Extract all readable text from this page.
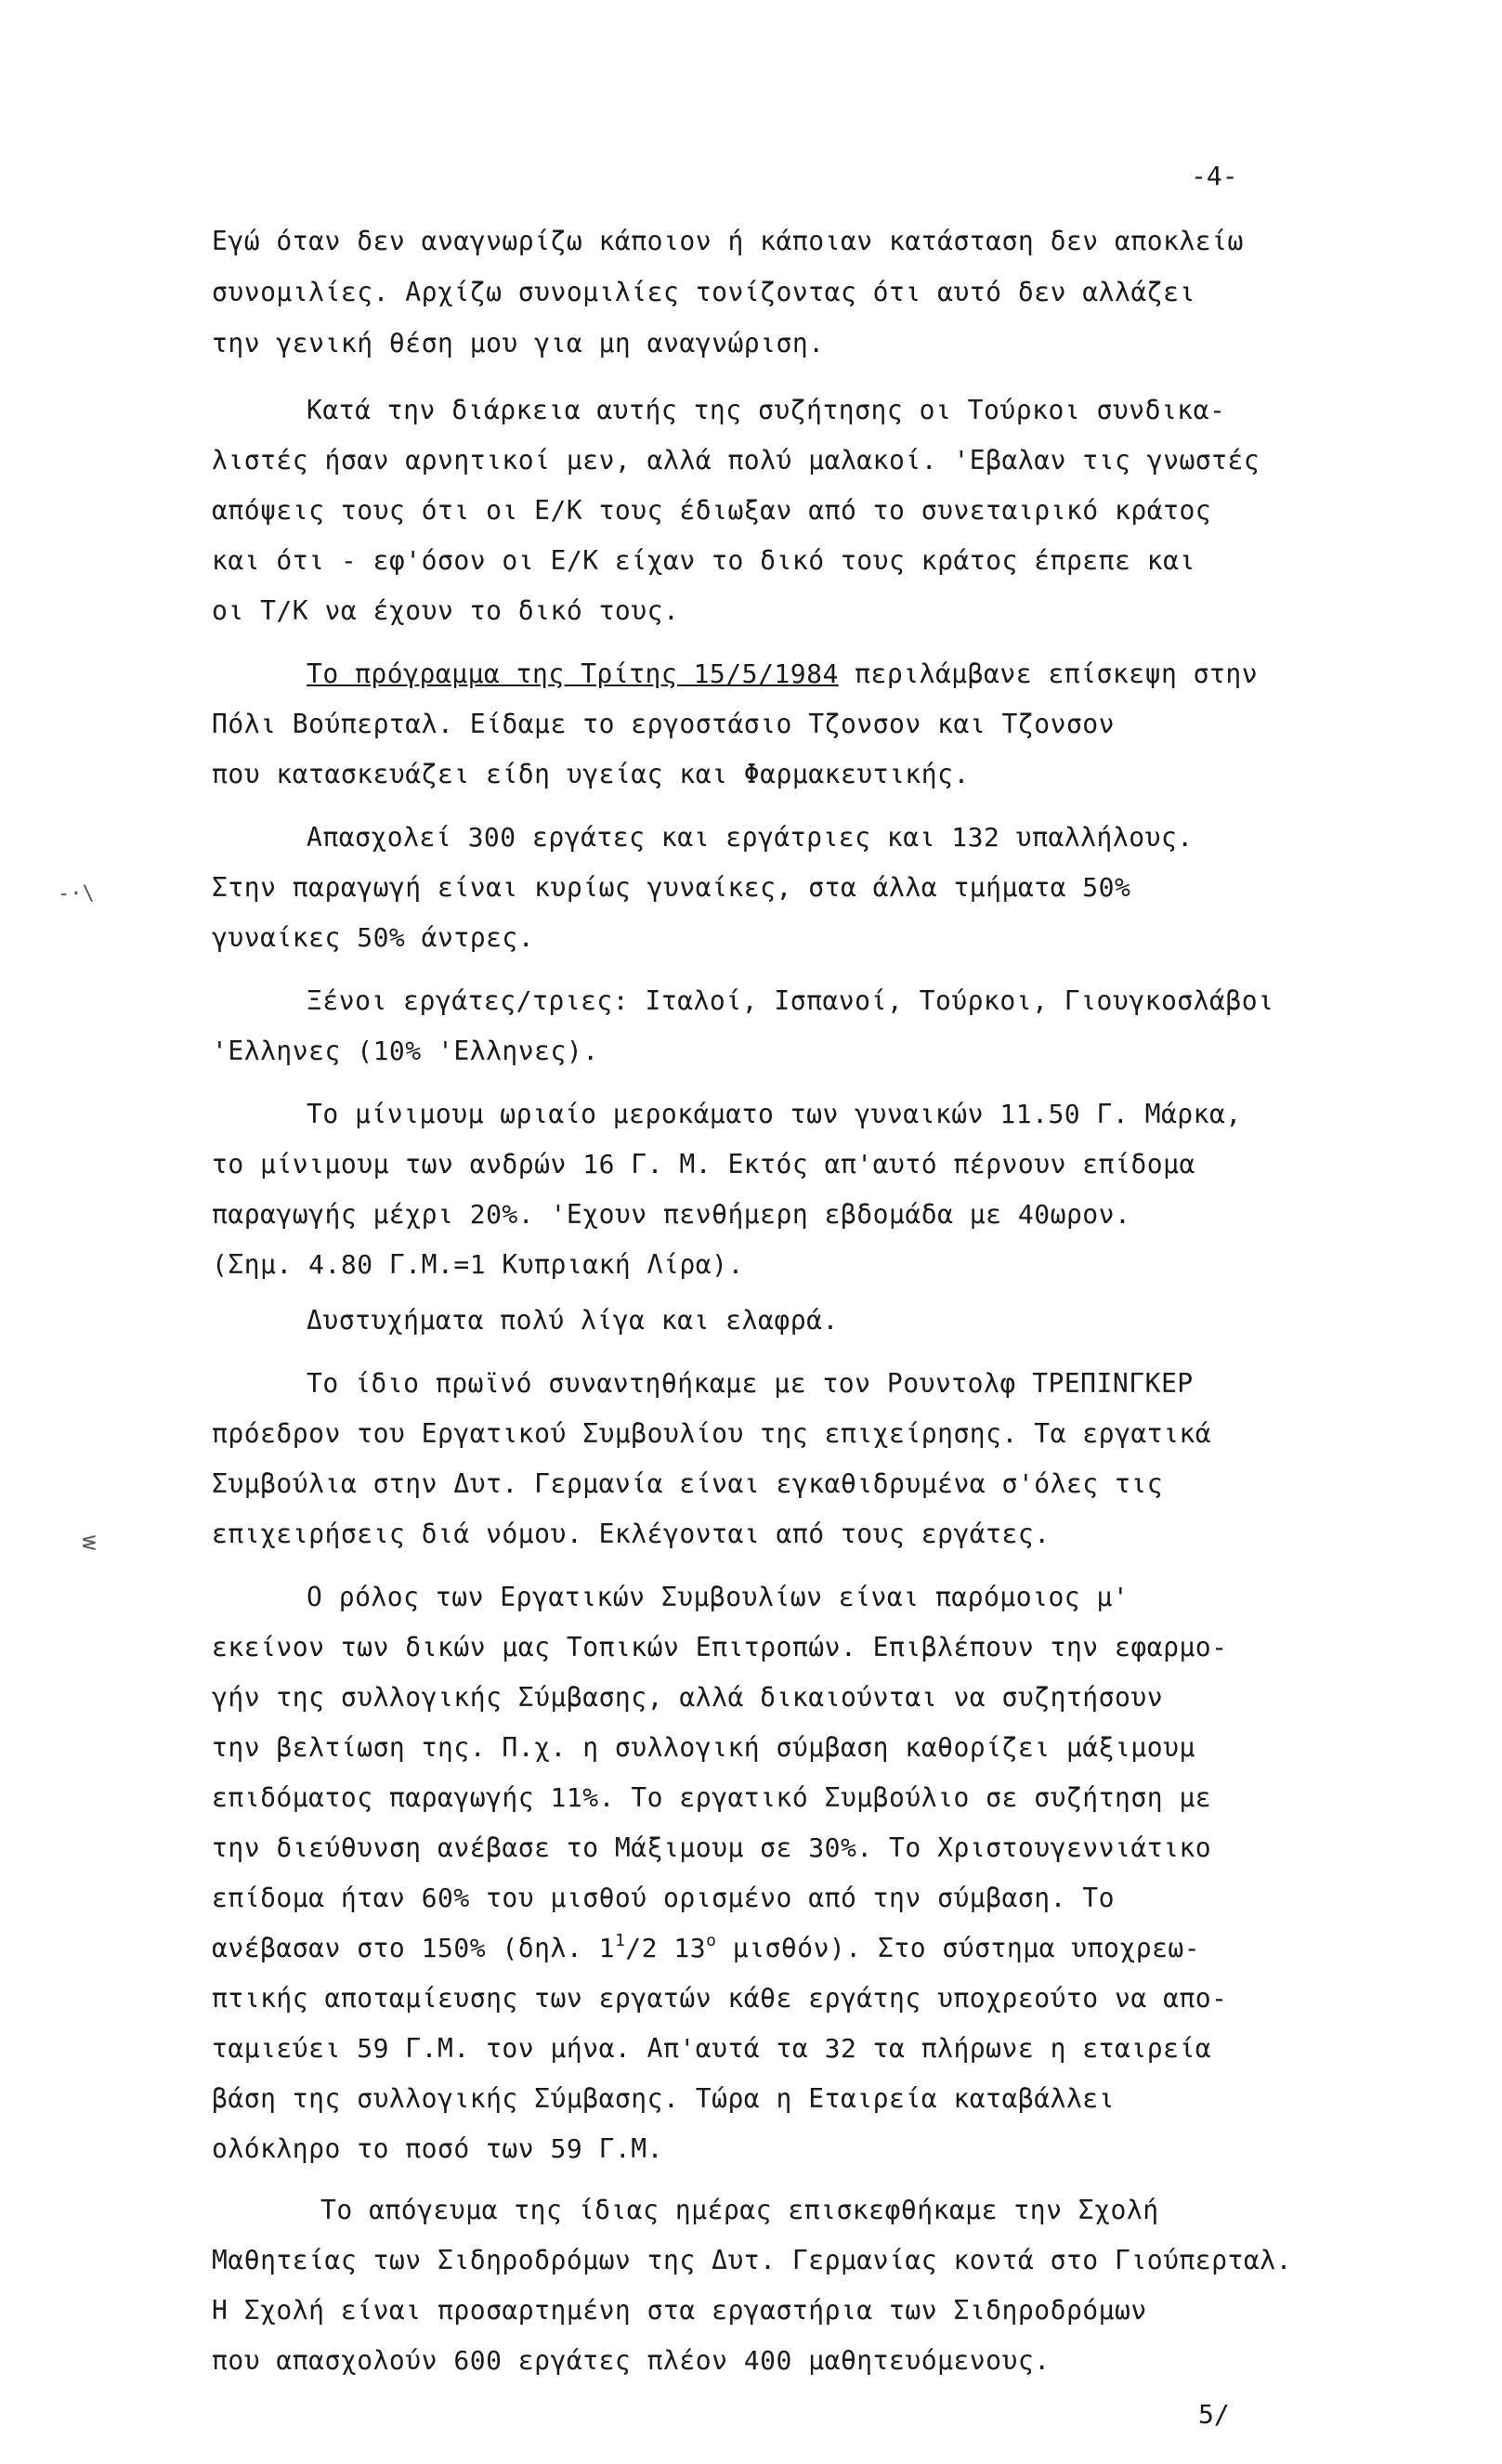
-4-
Εγώ όταν δεν αναγνωρίζω κάποιον ή κάποιαν κατάσταση δεν αποκλείω
συνομιλίες. Αρχίζω συνομιλίες τονίζοντας ότι αυτό δεν αλλάζει
την γενική θέση μου για μη αναγνώριση.
Κατά την διάρκεια αυτής της συζήτησης οι Τούρκοι συνδικα-
λιστές ήσαν αρνητικοί μεν, αλλά πολύ μαλακοί. 'Εβαλαν τις γνωστές
απόψεις τους ότι οι Ε/Κ τους έδιωξαν από το συνεταιρικό κράτος
και ότι - εφ'όσον οι Ε/Κ είχαν το δικό τους κράτος έπρεπε και
οι Τ/Κ να έχουν το δικό τους.
Το πρόγραμμα της Τρίτης 15/5/1984 περιλάμβανε επίσκεψη στην
Πόλι Βούπερταλ. Είδαμε το εργοστάσιο Τζονσον και Τζονσον
που κατασκευάζει είδη υγείας και Φαρμακευτικής.
Απασχολεί 300 εργάτες και εργάτριες και 132 υπαλλήλους.
Στην παραγωγή είναι κυρίως γυναίκες, στα άλλα τμήματα 50%
γυναίκες 50% άντρες.
Ξένοι εργάτες/τριες: Ιταλοί, Ισπανοί, Τούρκοι, Γιουγκοσλάβοι
'Ελληνες (10% 'Ελληνες).
Το μίνιμουμ ωριαίο μεροκάματο των γυναικών 11.50 Γ. Μάρκα,
το μίνιμουμ των ανδρών 16 Γ. Μ. Εκτός απ'αυτό πέρνουν επίδομα
παραγωγής μέχρι 20%. 'Εχουν πενθήμερη εβδομάδα με 40ωρον.
(Σημ. 4.80 Γ.Μ.=1 Κυπριακή Λίρα).
Δυστυχήματα πολύ λίγα και ελαφρά.
Το ίδιο πρωϊνό συναντηθήκαμε με τον Ρουντολφ ΤΡΕΠΙΝΓΚΕΡ
πρόεδρον του Εργατικού Συμβουλίου της επιχείρησης. Τα εργατικά
Συμβούλια στην Δυτ. Γερμανία είναι εγκαθιδρυμένα σ'όλες τις
επιχειρήσεις διά νόμου. Εκλέγονται από τους εργάτες.
Ο ρόλος των Εργατικών Συμβουλίων είναι παρόμοιος μ'
εκείνον των δικών μας Τοπικών Επιτροπών. Επιβλέπουν την εφαρμο-
γήν της συλλογικής Σύμβασης, αλλά δικαιούνται να συζητήσουν
την βελτίωση της. Π.χ. η συλλογική σύμβαση καθορίζει μάξιμουμ
επιδόματος παραγωγής 11%. Το εργατικό Συμβούλιο σε συζήτηση με
την διεύθυνση ανέβασε το Μάξιμουμ σε 30%. Το Χριστουγεννιάτικο
επίδομα ήταν 60% του μισθού ορισμένο από την σύμβαση. Το
ανέβασαν στο 150% (δηλ. $1^1/2$ $13^o$ μισθόν). Στο σύστημα υποχρεω-
πτικής αποταμίευσης των εργατών κάθε εργάτης υποχρεούτο να απο-
ταμιεύει 59 Γ.Μ. τον μήνα. Απ'αυτά τα 32 τα πλήρωνε η εταιρεία
βάση της συλλογικής Σύμβασης. Τώρα η Εταιρεία καταβάλλει
ολόκληρο το ποσό των 59 Γ.Μ.
Το απόγευμα της ίδιας ημέρας επισκεφθήκαμε την Σχολή
Μαθητείας των Σιδηροδρόμων της Δυτ. Γερμανίας κοντά στο Γιούπερταλ.
Η Σχολή είναι προσαρτημένη στα εργαστήρια των Σιδηροδρόμων
που απασχολούν 600 εργάτες πλέον 400 μαθητευόμενους.
5/
-·\
ᓬ
